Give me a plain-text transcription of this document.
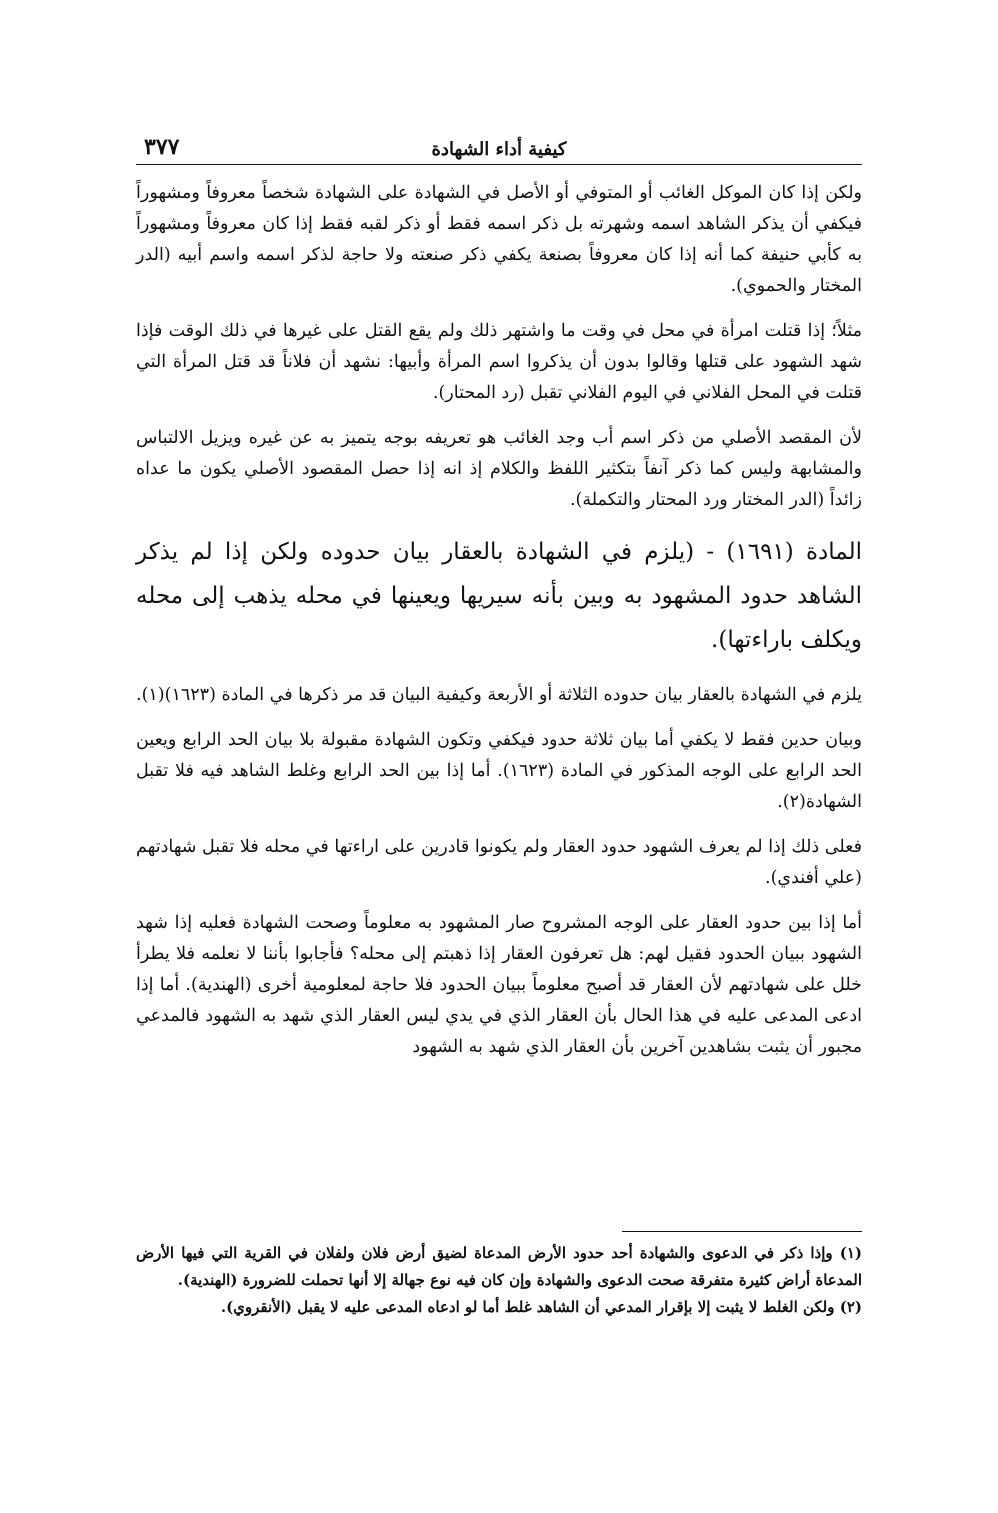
٣٧٧	كيفية أداء الشهادة

ولكن إذا كان الموكل الغائب أو المتوفي أو الأصل في الشهادة على الشهادة شخصاً معروفاً ومشهوراً فيكفي أن يذكر الشاهد اسمه وشهرته بل ذكر اسمه فقط أو ذكر لقبه فقط إذا كان معروفاً ومشهوراً به كأبي حنيفة كما أنه إذا كان معروفاً بصنعة يكفي ذكر صنعته ولا حاجة لذكر اسمه واسم أبيه (الدر المختار والحموي).

مثلاً؛ إذا قتلت امرأة في محل في وقت ما واشتهر ذلك ولم يقع القتل على غيرها في ذلك الوقت فإذا شهد الشهود على قتلها وقالوا بدون أن يذكروا اسم المرأة وأبيها: نشهد أن فلاناً قد قتل المرأة التي قتلت في المحل الفلاني في اليوم الفلاني تقبل (رد المحتار).

لأن المقصد الأصلي من ذكر اسم أب وجد الغائب هو تعريفه بوجه يتميز به عن غيره ويزيل الالتباس والمشابهة وليس كما ذكر آنفاً بتكثير اللفظ والكلام إذ انه إذا حصل المقصود الأصلي يكون ما عداه زائداً (الدر المختار ورد المحتار والتكملة).

المادة (١٦٩١) - (يلزم في الشهادة بالعقار بيان حدوده ولكن إذا لم يذكر الشاهد حدود المشهود به وبين بأنه سيريها ويعينها في محله يذهب إلى محله ويكلف باراءتها).

يلزم في الشهادة بالعقار بيان حدوده الثلاثة أو الأربعة وكيفية البيان قد مر ذكرها في المادة (١٦٢٣)(١).

وبيان حدين فقط لا يكفي أما بيان ثلاثة حدود فيكفي وتكون الشهادة مقبولة بلا بيان الحد الرابع ويعين الحد الرابع على الوجه المذكور في المادة (١٦٢٣). أما إذا بين الحد الرابع وغلط الشاهد فيه فلا تقبل الشهادة(٢).

فعلى ذلك إذا لم يعرف الشهود حدود العقار ولم يكونوا قادرين على اراءتها في محله فلا تقبل شهادتهم (علي أفندي).

أما إذا بين حدود العقار على الوجه المشروح صار المشهود به معلوماً وصحت الشهادة فعليه إذا شهد الشهود ببيان الحدود فقيل لهم: هل تعرفون العقار إذا ذهبتم إلى محله؟ فأجابوا بأننا لا نعلمه فلا يطرأ خلل على شهادتهم لأن العقار قد أصبح معلوماً ببيان الحدود فلا حاجة لمعلومية أخرى (الهندية). أما إذا ادعى المدعى عليه في هذا الحال بأن العقار الذي في يدي ليس العقار الذي شهد به الشهود فالمدعي مجبور أن يثبت بشاهدين آخرين بأن العقار الذي شهد به الشهود

(١) وإذا ذكر في الدعوى والشهادة أحد حدود الأرض المدعاة لضيق أرض فلان ولفلان في القرية التي فيها الأرض المدعاة أراض كثيرة متفرقة صحت الدعوى والشهادة وإن كان فيه نوع جهالة إلا أنها تحملت للضرورة (الهندية).

(٢) ولكن الغلط لا يثبت إلا بإقرار المدعي أن الشاهد غلط أما لو ادعاه المدعى عليه لا يقبل (الأنقروي).
